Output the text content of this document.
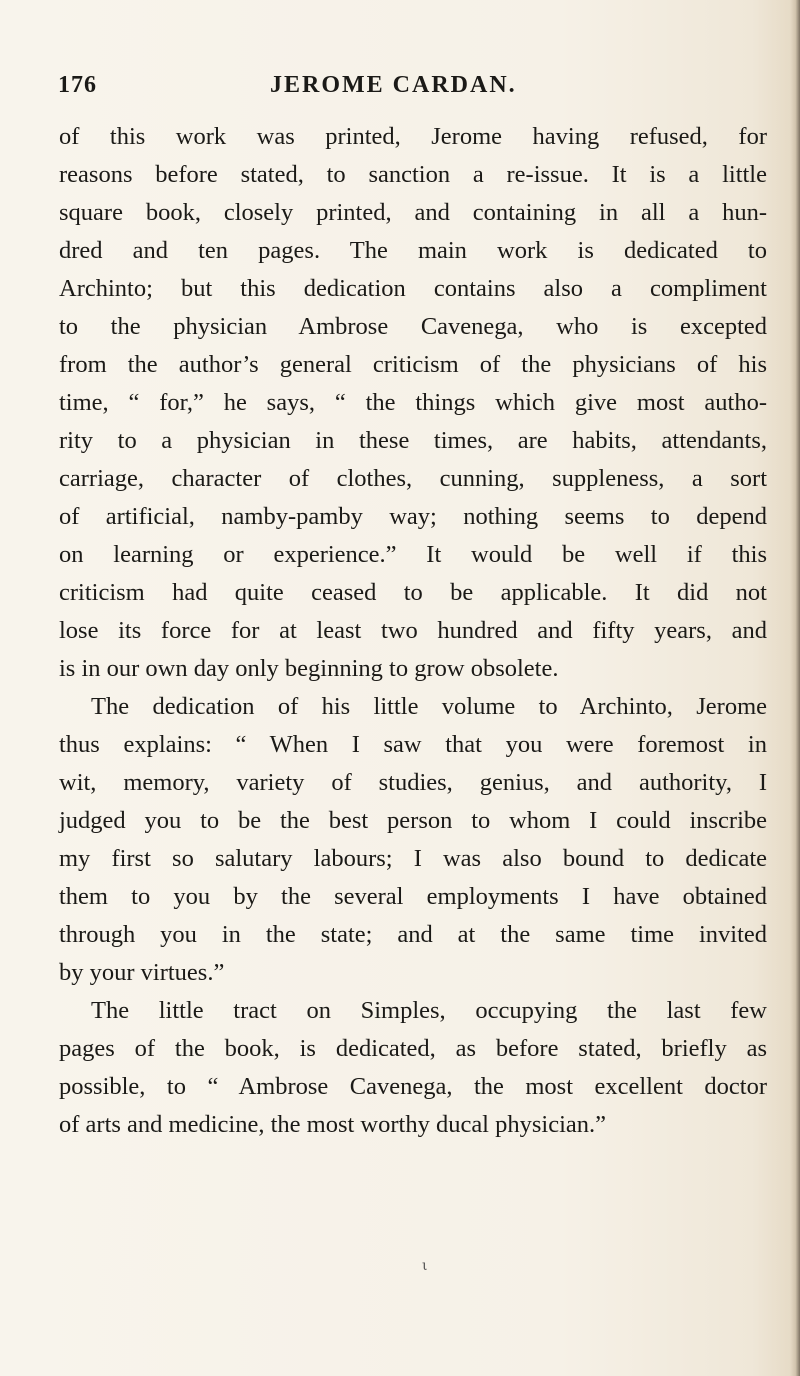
176	JEROME CARDAN.
of this work was printed, Jerome having refused, for
reasons before stated, to sanction a re-issue. It is a little
square book, closely printed, and containing in all a hun-
dred and ten pages. The main work is dedicated to
Archinto; but this dedication contains also a compliment
to the physician Ambrose Cavenega, who is excepted
from the author’s general criticism of the physicians of his
time, “ for,” he says, “ the things which give most autho-
rity to a physician in these times, are habits, attendants,
carriage, character of clothes, cunning, suppleness, a sort
of artificial, namby-pamby way; nothing seems to depend
on learning or experience.” It would be well if this
criticism had quite ceased to be applicable. It did not
lose its force for at least two hundred and fifty years, and
is in our own day only beginning to grow obsolete.
The dedication of his little volume to Archinto, Jerome
thus explains: “ When I saw that you were foremost in
wit, memory, variety of studies, genius, and authority, I
judged you to be the best person to whom I could inscribe
my first so salutary labours; I was also bound to dedicate
them to you by the several employments I have obtained
through you in the state; and at the same time invited
by your virtues.”
The little tract on Simples, occupying the last few
pages of the book, is dedicated, as before stated, briefly as
possible, to “ Ambrose Cavenega, the most excellent doctor
of arts and medicine, the most worthy ducal physician.”
ι
